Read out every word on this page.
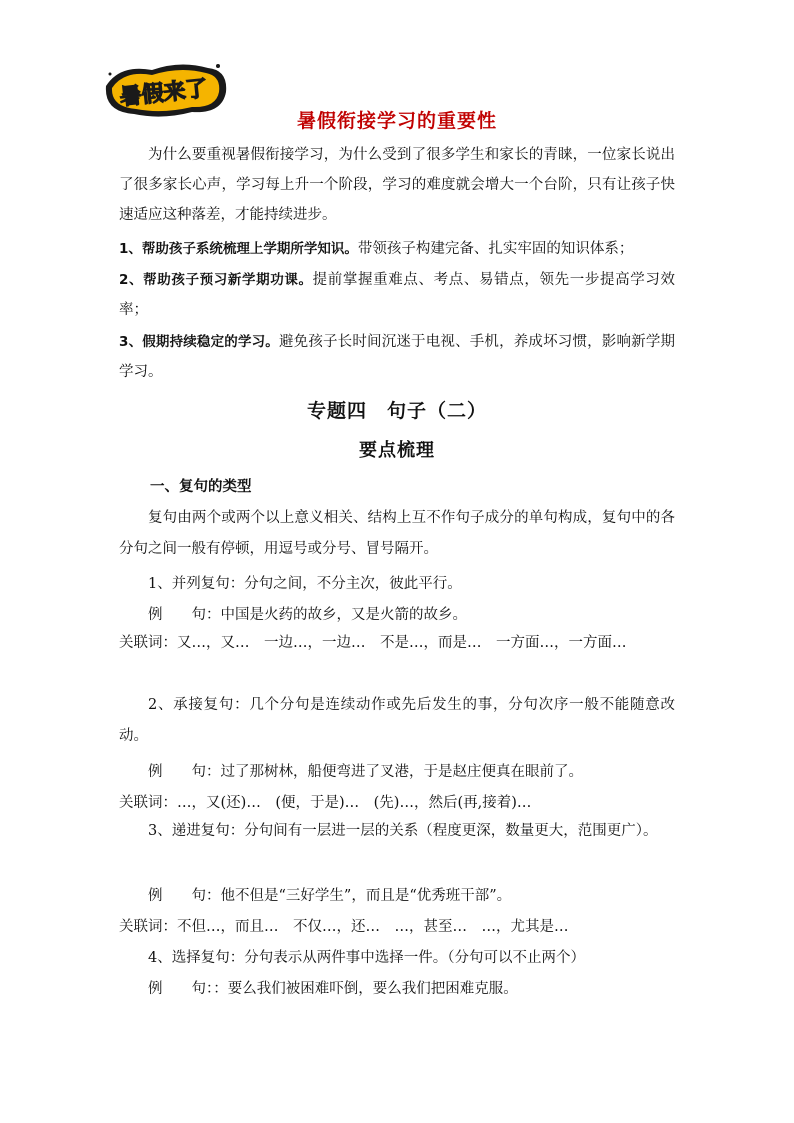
暑假来了
暑假衔接学习的重要性

为什么要重视暑假衔接学习，为什么受到了很多学生和家长的青睐，一位家长说出了很多家长心声，学习每上升一个阶段，学习的难度就会增大一个台阶，只有让孩子快速适应这种落差，才能持续进步。

1、帮助孩子系统梳理上学期所学知识。带领孩子构建完备、扎实牢固的知识体系；

2、帮助孩子预习新学期功课。提前掌握重难点、考点、易错点，领先一步提高学习效率；

3、假期持续稳定的学习。避免孩子长时间沉迷于电视、手机，养成坏习惯，影响新学期学习。

专题四　句子（二）
要点梳理
一、复句的类型

复句由两个或两个以上意义相关、结构上互不作句子成分的单句构成，复句中的各分句之间一般有停顿，用逗号或分号、冒号隔开。

1、并列复句：分句之间，不分主次，彼此平行。
例　　句：中国是火药的故乡，又是火箭的故乡。

关联词：又…，又…　一边…，一边…　不是…，而是…　一方面…，一方面…

2、承接复句：几个分句是连续动作或先后发生的事，分句次序一般不能随意改动。

例　　句：过了那树林，船便弯进了叉港，于是赵庄便真在眼前了。
关联词：…，又(还)…　(便，于是)…　(先)…，然后(再,接着)…

3、递进复句：分句间有一层进一层的关系（程度更深，数量更大，范围更广）。

例　　句：他不但是“三好学生”，而且是“优秀班干部”。
关联词：不但…，而且…　不仅…，还…　…，甚至…　…，尤其是…
4、选择复句：分句表示从两件事中选择一件。（分句可以不止两个）
例　　句：：要么我们被困难吓倒，要么我们把困难克服。
